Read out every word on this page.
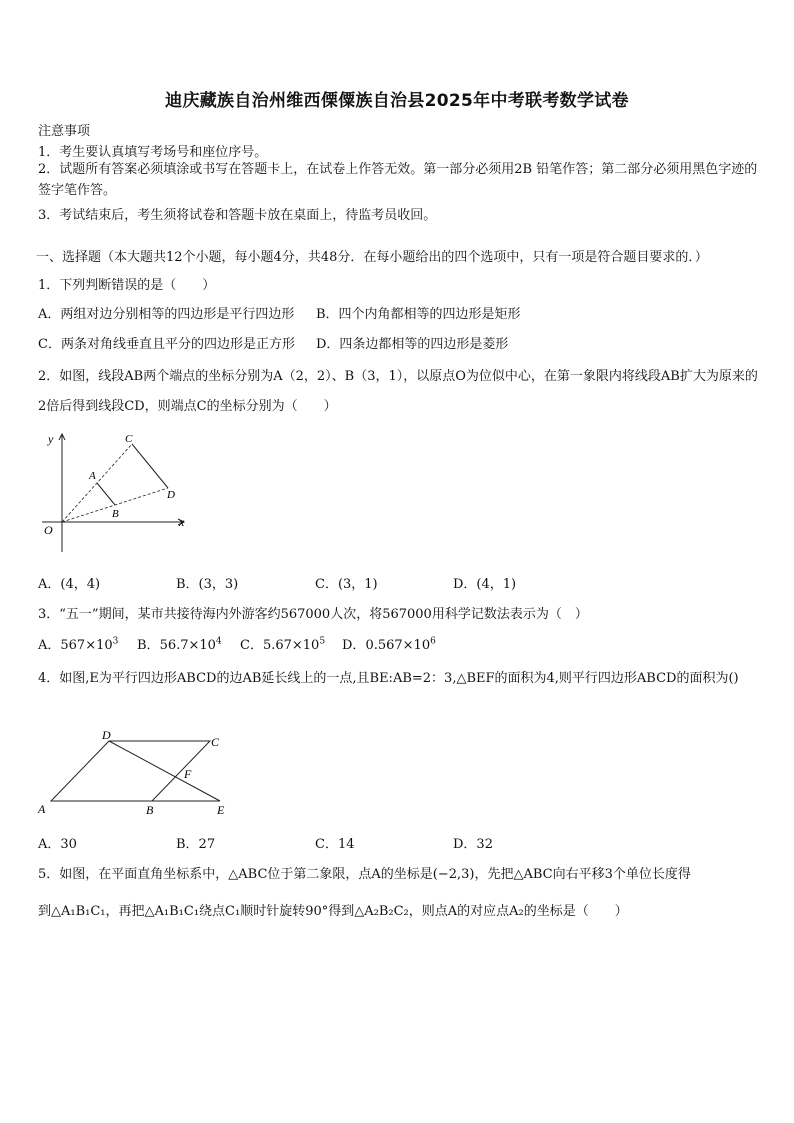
迪庆藏族自治州维西傈僳族自治县2025年中考联考数学试卷
注意事项
1．考生要认真填写考场号和座位序号。
2．试题所有答案必须填涂或书写在答题卡上，在试卷上作答无效。第一部分必须用2B 铅笔作答；第二部分必须用黑色字迹的签字笔作答。
3．考试结束后，考生须将试卷和答题卡放在桌面上，待监考员收回。
一、选择题（本大题共12个小题，每小题4分，共48分．在每小题给出的四个选项中，只有一项是符合题目要求的．）
1．下列判断错误的是（　　）
A．两组对边分别相等的四边形是平行四边形 B．四个内角都相等的四边形是矩形
C．两条对角线垂直且平分的四边形是正方形 D．四条边都相等的四边形是菱形
2．如图，线段AB两个端点的坐标分别为A（2，2）、B（3，1），以原点O为位似中心，在第一象限内将线段AB扩大为原来的2倍后得到线段CD，则端点C的坐标分别为（　　）
y
x
O
A
B
C
D
A．(4，4)	B．(3，3)	C．(3，1)	D．(4，1)
3．“五一”期间，某市共接待海内外游客约567000人次，将567000用科学记数法表示为（　）
A．$567\times 10^3$ B．$56.7\times 10^4$ C．$5.67\times 10^5$ D．$0.567\times 10^6$
4．如图,E为平行四边形ABCD的边AB延长线上的一点,且BE:AB=2：3,△BEF的面积为4,则平行四边形ABCD的面积为()
A	B
C
D
E
F
A．30	B．27	C．14	D．32
5．如图，在平面直角坐标系中，△ABC位于第二象限，点A的坐标是(−2,3)，先把△ABC向右平移3个单位长度得
到△A₁B₁C₁，再把△A₁B₁C₁绕点C₁顺时针旋转90°得到△A₂B₂C₂，则点A的对应点A₂的坐标是（　　）
